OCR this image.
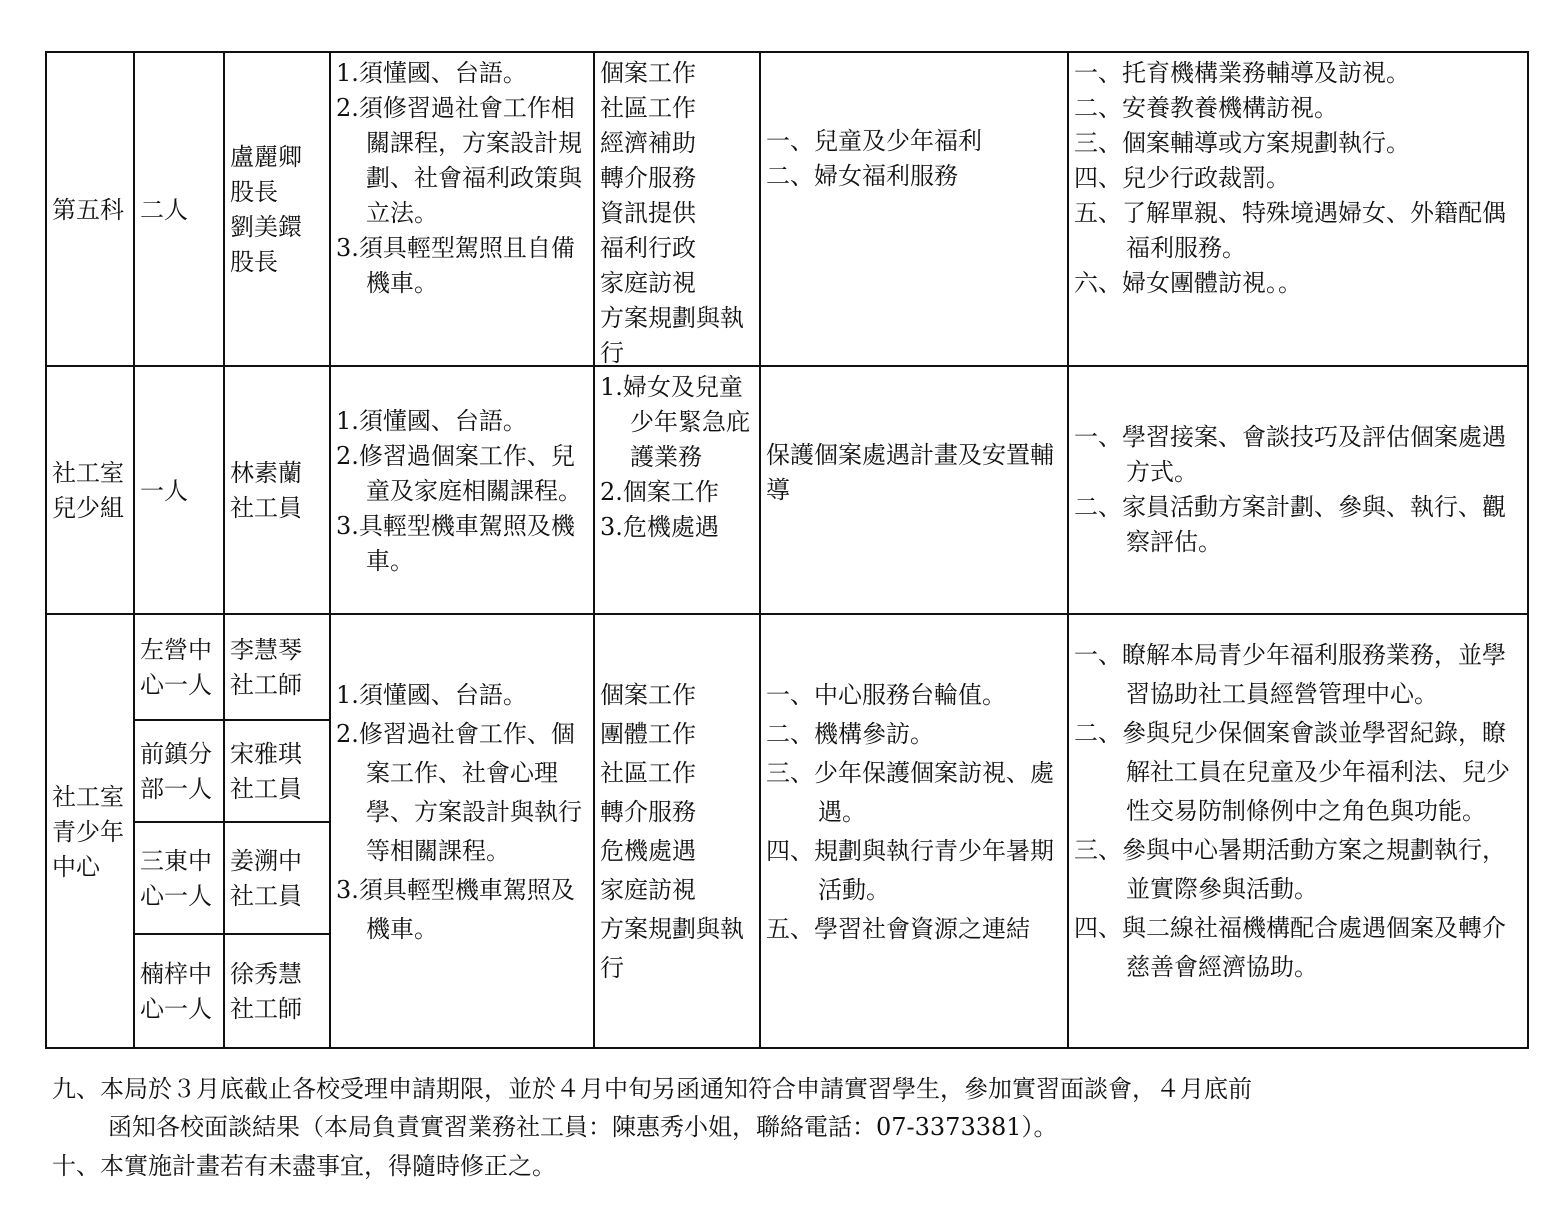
第五科 二人
盧麗卿
股長
劉美鐶
股長
1.須懂國、台語。
2.須修習過社會工作相關課程，方案設計規劃、社會福利政策與立法。
3.須具輕型駕照且自備機車。
個案工作
社區工作
經濟補助
轉介服務
資訊提供
福利行政
家庭訪視
方案規劃與執行
一、兒童及少年福利
二、婦女福利服務
一、托育機構業務輔導及訪視。
二、安養教養機構訪視。
三、個案輔導或方案規劃執行。
四、兒少行政裁罰。
五、了解單親、特殊境遇婦女、外籍配偶福利服務。
六、婦女團體訪視。。
社工室
兒少組
一人
林素蘭
社工員
1.須懂國、台語。
2.修習過個案工作、兒童及家庭相關課程。
3.具輕型機車駕照及機車。
1.婦女及兒童少年緊急庇護業務
2.個案工作
3.危機處遇
保護個案處遇計畫及安置輔導
一、學習接案、會談技巧及評估個案處遇方式。
二、家員活動方案計劃、參與、執行、觀察評估。
社工室
青少年
中心
左營中
心一人
李慧琴
社工師
前鎮分
部一人
宋雅琪
社工員
三東中
心一人
姜溯中
社工員
楠梓中
心一人
徐秀慧
社工師
1.須懂國、台語。
2.修習過社會工作、個案工作、社會心理學、方案設計與執行等相關課程。
3.須具輕型機車駕照及機車。
個案工作
團體工作
社區工作
轉介服務
危機處遇
家庭訪視
方案規劃與執行
一、中心服務台輪值。
二、機構參訪。
三、少年保護個案訪視、處遇。
四、規劃與執行青少年暑期活動。
五、學習社會資源之連結
一、瞭解本局青少年福利服務業務，並學習協助社工員經營管理中心。
二、參與兒少保個案會談並學習紀錄，瞭解社工員在兒童及少年福利法、兒少性交易防制條例中之角色與功能。
三、參與中心暑期活動方案之規劃執行，並實際參與活動。
四、與二線社福機構配合處遇個案及轉介慈善會經濟協助。
九、本局於３月底截止各校受理申請期限，並於４月中旬另函通知符合申請實習學生，參加實習面談會，４月底前
函知各校面談結果（本局負責實習業務社工員：陳惠秀小姐，聯絡電話：07-3373381）。
十、本實施計畫若有未盡事宜，得隨時修正之。
